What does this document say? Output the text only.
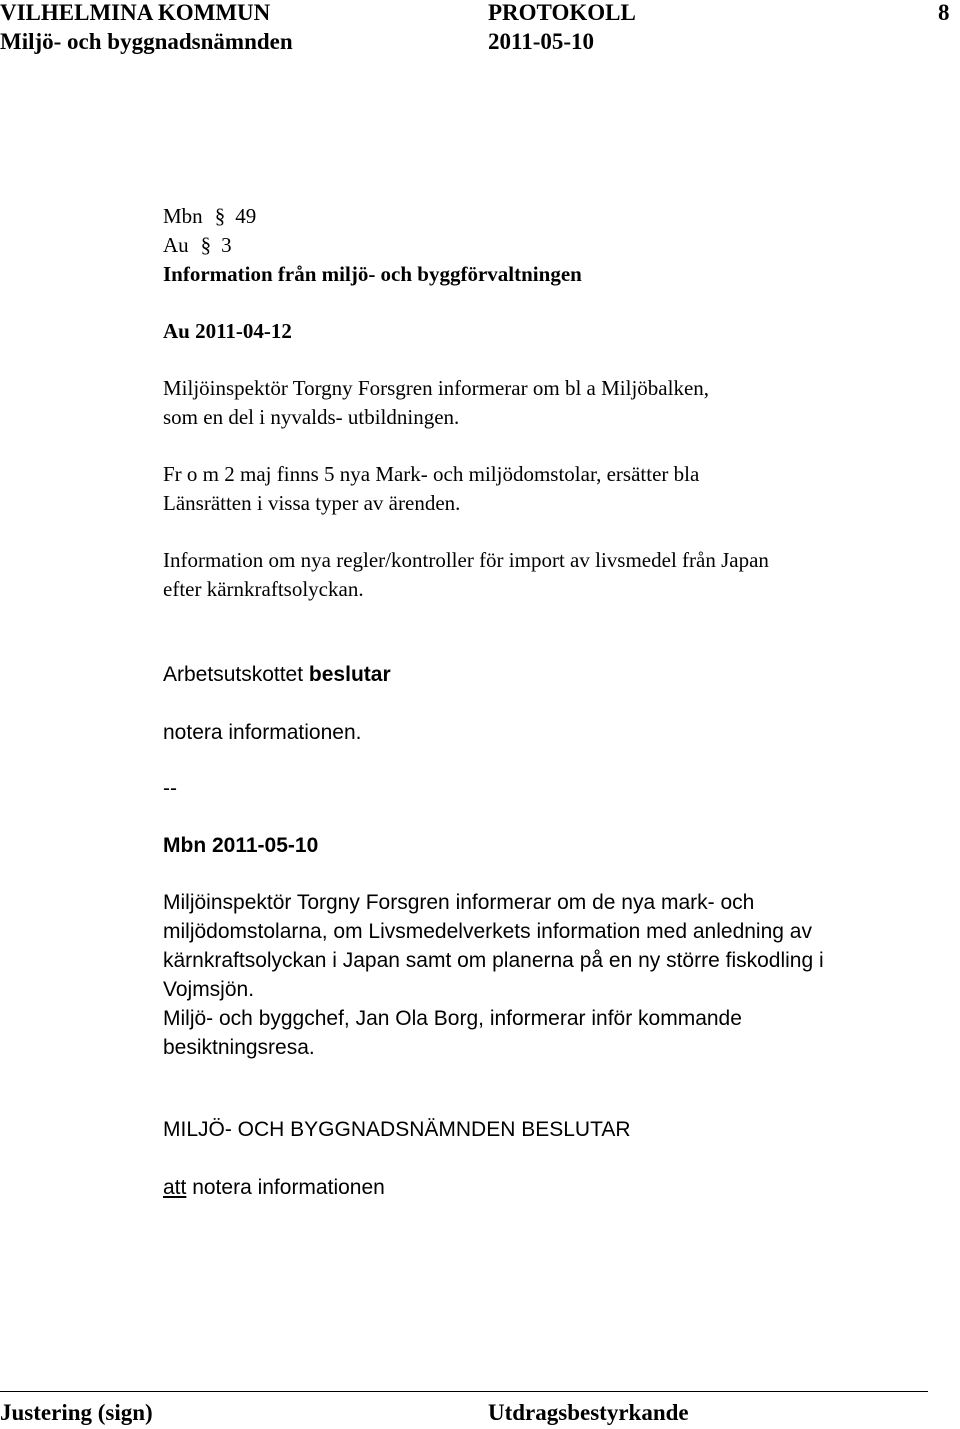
VILHELMINA KOMMUN	PROTOKOLL	8
Miljö- och byggnadsnämnden	2011-05-10
Mbn § 49
Au § 3
Information från miljö- och byggförvaltningen
Au 2011-04-12
Miljöinspektör Torgny Forsgren informerar om bl a Miljöbalken,
som en del i nyvalds- utbildningen.
Fr o m 2 maj finns 5 nya Mark- och miljödomstolar, ersätter bla
Länsrätten i vissa typer av ärenden.
Information om nya regler/kontroller för import av livsmedel från Japan
efter kärnkraftsolyckan.
Arbetsutskottet beslutar
notera informationen.
--
Mbn 2011-05-10
Miljöinspektör Torgny Forsgren informerar om de nya mark- och
miljödomstolarna, om Livsmedelverkets information med anledning av
kärnkraftsolyckan i Japan samt om planerna på en ny större fiskodling i
Vojmsjön.
Miljö- och byggchef, Jan Ola Borg, informerar inför kommande
besiktningsresa.
MILJÖ- OCH BYGGNADSNÄMNDEN BESLUTAR
att notera informationen
Justering (sign)	Utdragsbestyrkande
